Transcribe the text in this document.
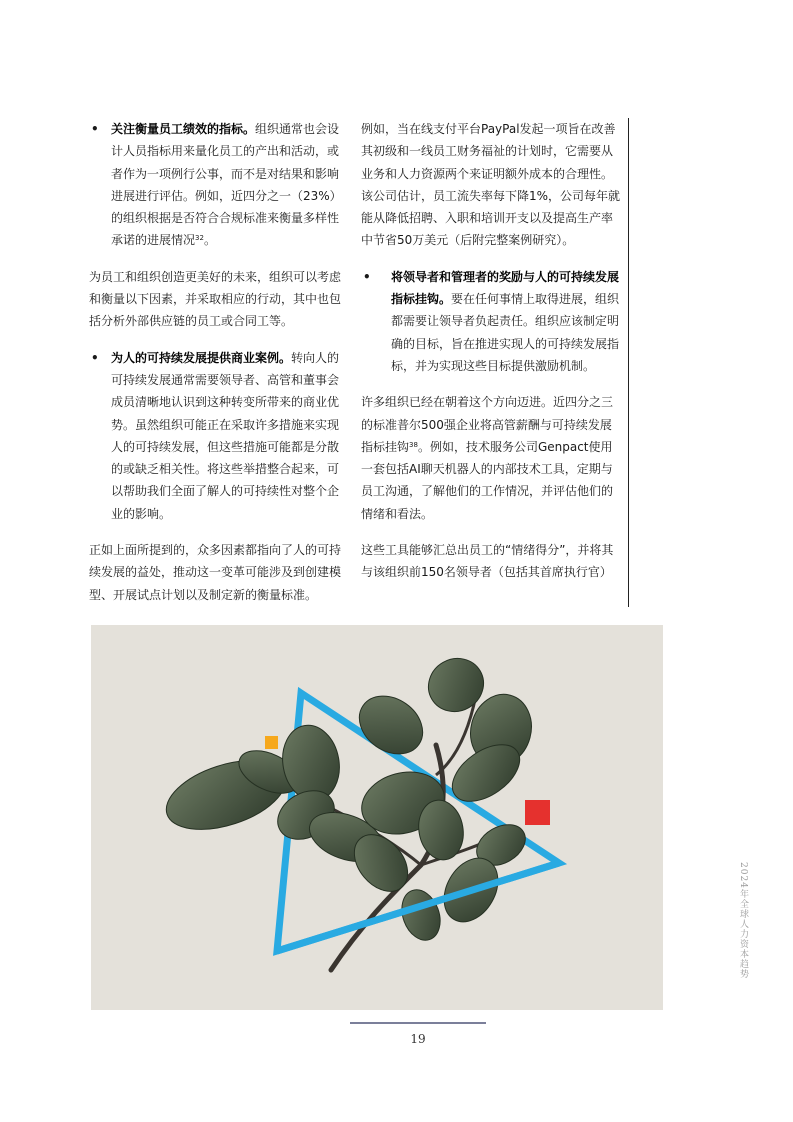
• 关注衡量员工绩效的指标。组织通常也会设计人员指标用来量化员工的产出和活动，或者作为一项例行公事，而不是对结果和影响进展进行评估。例如，近四分之一（23%）的组织根据是否符合合规标准来衡量多样性承诺的进展情况$^{32}$。

为员工和组织创造更美好的未来，组织可以考虑和衡量以下因素，并采取相应的行动，其中也包括分析外部供应链的员工或合同工等。

• 为人的可持续发展提供商业案例。转向人的可持续发展通常需要领导者、高管和董事会成员清晰地认识到这种转变所带来的商业优势。虽然组织可能正在采取许多措施来实现人的可持续发展，但这些措施可能都是分散的或缺乏相关性。将这些举措整合起来，可以帮助我们全面了解人的可持续性对整个企业的影响。

正如上面所提到的，众多因素都指向了人的可持续发展的益处，推动这一变革可能涉及到创建模型、开展试点计划以及制定新的衡量标准。

例如，当在线支付平台PayPal发起一项旨在改善其初级和一线员工财务福祉的计划时，它需要从业务和人力资源两个来证明额外成本的合理性。该公司估计，员工流失率每下降1%，公司每年就能从降低招聘、入职和培训开支以及提高生产率中节省50万美元（后附完整案例研究）。

• 将领导者和管理者的奖励与人的可持续发展指标挂钩。要在任何事情上取得进展，组织都需要让领导者负起责任。组织应该制定明确的目标，旨在推进实现人的可持续发展指标，并为实现这些目标提供激励机制。

许多组织已经在朝着这个方向迈进。近四分之三的标准普尔500强企业将高管薪酬与可持续发展指标挂钩$^{38}$。例如，技术服务公司Genpact使用一套包括AI聊天机器人的内部技术工具，定期与员工沟通，了解他们的工作情况，并评估他们的情绪和看法。

这些工具能够汇总出员工的“情绪得分”，并将其与该组织前150名领导者（包括其首席执行官）

2024年全球人力资本趋势
19
